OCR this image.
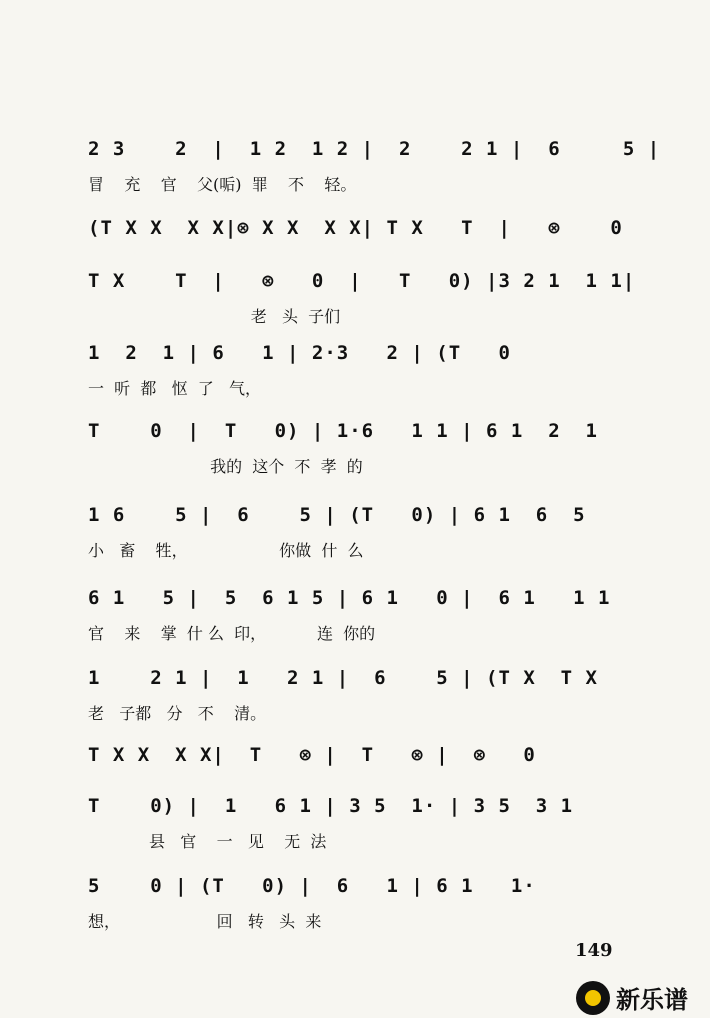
2 3    2  |  1 2  1 2 |  2    2 1 |  6     5 |
冒    充    官    父(㖃)  罪    不    轻。
(T X X  X X|⊗ X X  X X| T X   T  |   ⊗    0
T X    T  |   ⊗   0  |   T   0) |3 2 1  1 1|
老   头  子们
1  2  1 | 6   1 | 2·3   2 | (T   0
一  听  都   怄  了   气，
T    0  |  T   0) | 1·6   1 1 | 6 1  2  1
我的  这个  不  孝  的
1 6    5 |  6    5 | (T   0) | 6 1  6  5
小   畜    牲，                  你做  什  么
6 1   5 |  5  6 1 5 | 6 1   0 |  6 1   1 1
官    来    掌  什 么  印，          连  你的
1    2 1 |  1   2 1 |  6    5 | (T X  T X
老   子都   分   不    清。
T X X  X X|  T   ⊗ |  T   ⊗ |  ⊗   0
T    0) |  1   6 1 | 3 5  1· | 3 5  3 1
县   官    一   见    无  法
5    0 | (T   0) |  6   1 | 6 1   1·
想，                   回   转   头  来
149
新乐谱
